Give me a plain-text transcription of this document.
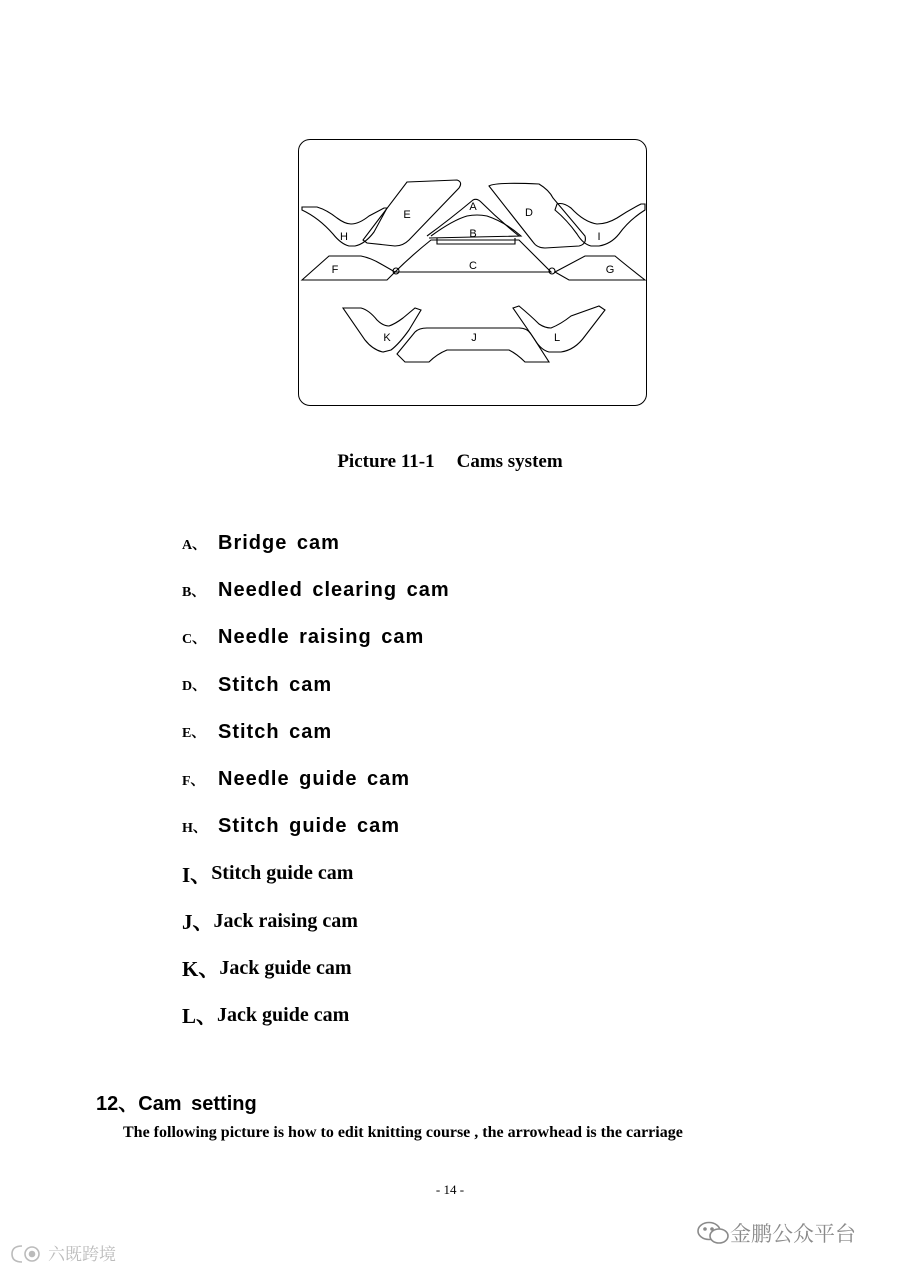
A
B
C
D
E
F	G
H	I
J
K	L
Picture 11-1 Cams system
A、 Bridge cam
B、 Needled clearing cam
C、 Needle raising cam
D、 Stitch cam
E、 Stitch cam
F、 Needle guide cam
H、 Stitch guide cam
I、 Stitch guide cam
J、 Jack raising cam
K、 Jack guide cam
L、 Jack guide cam
12、Cam setting
The following picture is how to edit knitting course , the arrowhead is the carriage
- 14 -
金鹏公众平台
六既跨境
